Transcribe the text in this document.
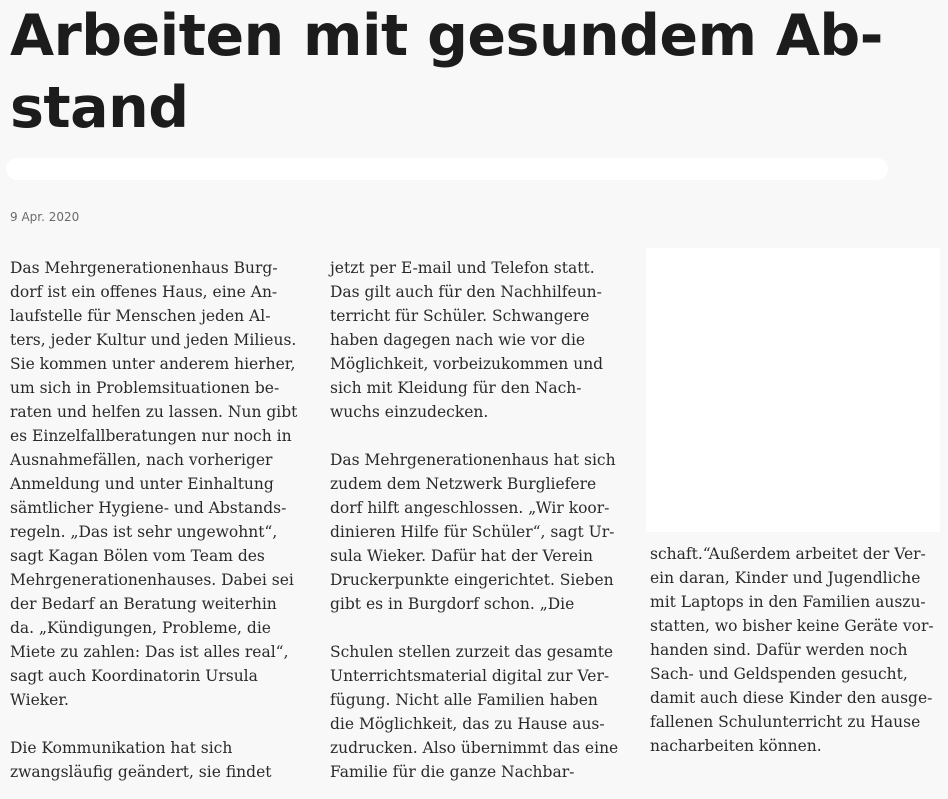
Arbeiten mit gesundem Ab-
stand
9 Apr. 2020
Das Mehrgenerationenhaus Burg-
dorf ist ein offenes Haus, eine An-
laufstelle für Menschen jeden Al-
ters, jeder Kultur und jeden Milieus.
Sie kommen unter anderem hierher,
um sich in Problemsituationen be-
raten und helfen zu lassen. Nun gibt
es Einzelfallberatungen nur noch in
Ausnahmefällen, nach vorheriger
Anmeldung und unter Einhaltung
sämtlicher Hygiene- und Abstands-
regeln. „Das ist sehr ungewohnt“,
sagt Kagan Bölen vom Team des
Mehrgenerationenhauses. Dabei sei
der Bedarf an Beratung weiterhin
da. „Kündigungen, Probleme, die
Miete zu zahlen: Das ist alles real“,
sagt auch Koordinatorin Ursula
Wieker.
Die Kommunikation hat sich
zwangsläufig geändert, sie findet
jetzt per E-mail und Telefon statt.
Das gilt auch für den Nachhilfeun-
terricht für Schüler. Schwangere
haben dagegen nach wie vor die
Möglichkeit, vorbeizukommen und
sich mit Kleidung für den Nach-
wuchs einzudecken.
Das Mehrgenerationenhaus hat sich
zudem dem Netzwerk Burgliefere
dorf hilft angeschlossen. „Wir koor-
dinieren Hilfe für Schüler“, sagt Ur-
sula Wieker. Dafür hat der Verein
Druckerpunkte eingerichtet. Sieben
gibt es in Burgdorf schon. „Die
Schulen stellen zurzeit das gesamte
Unterrichtsmaterial digital zur Ver-
fügung. Nicht alle Familien haben
die Möglichkeit, das zu Hause aus-
zudrucken. Also übernimmt das eine
Familie für die ganze Nachbar-
schaft.“Außerdem arbeitet der Ver-
ein daran, Kinder und Jugendliche
mit Laptops in den Familien auszu-
statten, wo bisher keine Geräte vor-
handen sind. Dafür werden noch
Sach- und Geldspenden gesucht,
damit auch diese Kinder den ausge-
fallenen Schulunterricht zu Hause
nacharbeiten können.
